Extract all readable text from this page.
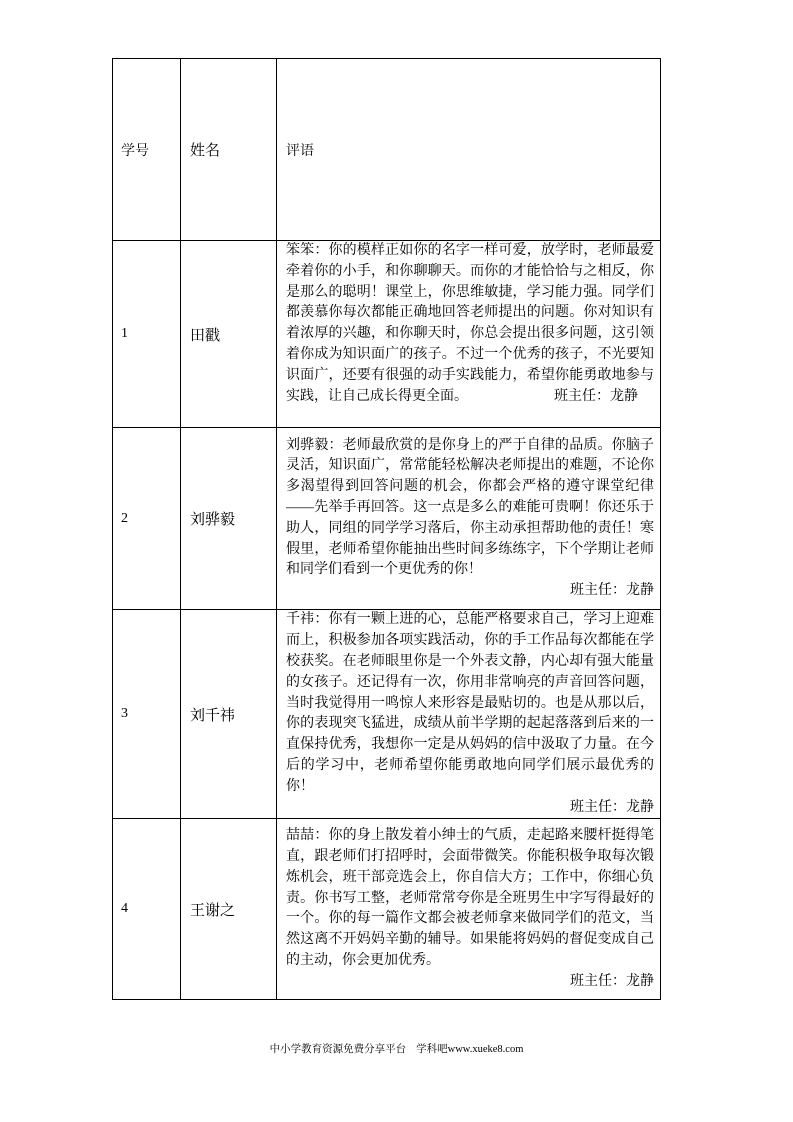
学号	姓名	评语
1	田戳	笨笨：你的模样正如你的名字一样可爱，放学时，老师最爱牵着你的小手，和你聊聊天。而你的才能恰恰与之相反，你是那么的聪明！课堂上，你思维敏捷，学习能力强。同学们都羡慕你每次都能正确地回答老师提出的问题。你对知识有着浓厚的兴趣，和你聊天时，你总会提出很多问题，这引领着你成为知识面广的孩子。不过一个优秀的孩子，不光要知识面广，还要有很强的动手实践能力，希望你能勇敢地参与实践，让自己成长得更全面。 班主任：龙静
2	刘骅毅	刘骅毅：老师最欣赏的是你身上的严于自律的品质。你脑子灵活，知识面广，常常能轻松解决老师提出的难题，不论你多渴望得到回答问题的机会，你都会严格的遵守课堂纪律——先举手再回答。这一点是多么的难能可贵啊！你还乐于助人，同组的同学学习落后，你主动承担帮助他的责任！寒假里，老师希望你能抽出些时间多练练字，下个学期让老师和同学们看到一个更优秀的你！
班主任：龙静

3	刘千祎	千祎：你有一颗上进的心，总能严格要求自己，学习上迎难而上，积极参加各项实践活动，你的手工作品每次都能在学校获奖。在老师眼里你是一个外表文静，内心却有强大能量的女孩子。还记得有一次，你用非常响亮的声音回答问题，当时我觉得用一鸣惊人来形容是最贴切的。也是从那以后，你的表现突飞猛进，成绩从前半学期的起起落落到后来的一直保持优秀，我想你一定是从妈妈的信中汲取了力量。在今后的学习中，老师希望你能勇敢地向同学们展示最优秀的你！
班主任：龙静

4	王谢之	喆喆：你的身上散发着小绅士的气质，走起路来腰杆挺得笔直，跟老师们打招呼时，会面带微笑。你能积极争取每次锻炼机会，班干部竞选会上，你自信大方；工作中，你细心负责。你书写工整，老师常常夸你是全班男生中字写得最好的一个。你的每一篇作文都会被老师拿来做同学们的范文，当然这离不开妈妈辛勤的辅导。如果能将妈妈的督促变成自己的主动，你会更加优秀。
班主任：龙静
中小学教育资源免费分享平台 学科吧www.xueke8.com
